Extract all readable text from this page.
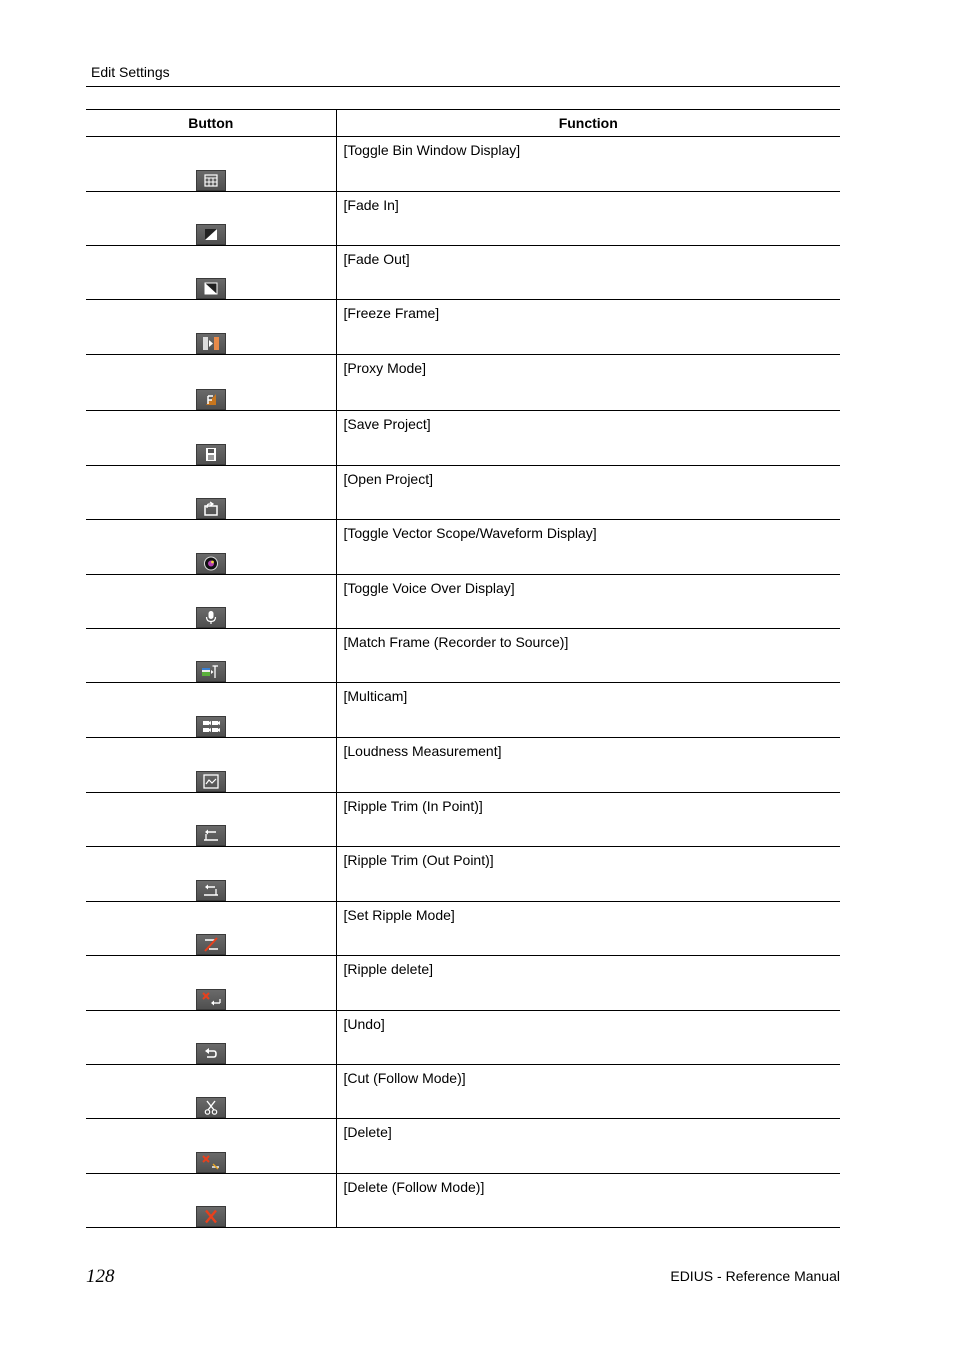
Edit Settings
Button	Function

	[Toggle Bin Window Display]

	[Fade In]

	[Fade Out]

	[Freeze Frame]

	[Proxy Mode]

	[Save Project]

	[Open Project]

	[Toggle Vector Scope/Waveform Display]

	[Toggle Voice Over Display]

	[Match Frame (Recorder to Source)]

	[Multicam]

	[Loudness Measurement]

	[Ripple Trim (In Point)]

	[Ripple Trim (Out Point)]

	[Set Ripple Mode]

	[Ripple delete]

	[Undo]

	[Cut (Follow Mode)]

	[Delete]

	[Delete (Follow Mode)]
128	EDIUS - Reference Manual
